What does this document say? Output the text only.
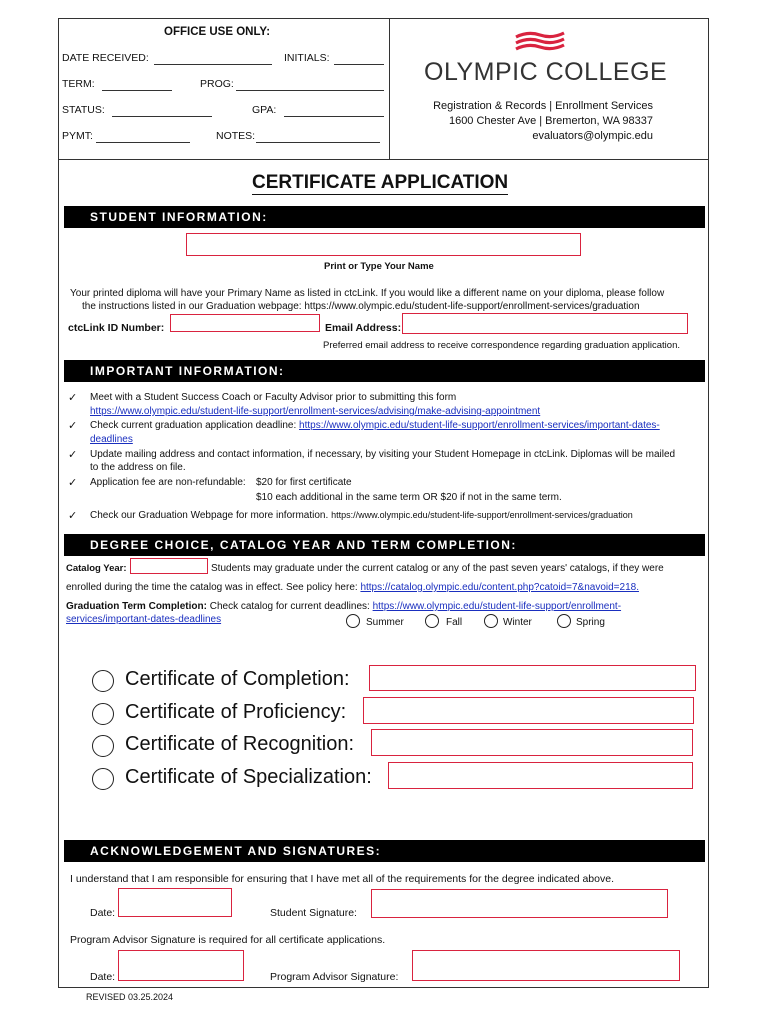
OFFICE USE ONLY:
DATE RECEIVED:	INITIALS:
TERM:	PROG:
STATUS:	GPA:
PYMT:	NOTES:
OLYMPIC COLLEGE
Registration & Records | Enrollment Services
1600 Chester Ave | Bremerton, WA 98337
evaluators@olympic.edu
CERTIFICATE APPLICATION
STUDENT INFORMATION:
Print or Type Your Name
Your printed diploma will have your Primary Name as listed in ctcLink. If you would like a different name on your diploma, please follow
the instructions listed in our Graduation webpage: https://www.olympic.edu/student-life-support/enrollment-services/graduation
ctcLink ID Number:	Email Address:
Preferred email address to receive correspondence regarding graduation application.
IMPORTANT INFORMATION:
✓ Meet with a Student Success Coach or Faculty Advisor prior to submitting this form
https://www.olympic.edu/student-life-support/enrollment-services/advising/make-advising-appointment
✓ Check current graduation application deadline: https://www.olympic.edu/student-life-support/enrollment-services/important-dates-
deadlines
✓ Update mailing address and contact information, if necessary, by visiting your Student Homepage in ctcLink. Diplomas will be mailed
to the address on file.
✓ Application fee are non-refundable: $20 for first certificate
$10 each additional in the same term OR $20 if not in the same term.
✓ Check our Graduation Webpage for more information. https://www.olympic.edu/student-life-support/enrollment-services/graduation
DEGREE CHOICE, CATALOG YEAR AND TERM COMPLETION:
Catalog Year:	Students may graduate under the current catalog or any of the past seven years' catalogs, if they were
enrolled during the time the catalog was in effect. See policy here: https://catalog.olympic.edu/content.php?catoid=7&navoid=218.
Graduation Term Completion: Check catalog for current deadlines: https://www.olympic.edu/student-life-support/enrollment-
services/important-dates-deadlines	Summer	Fall	Winter	Spring
Certificate of Completion:
Certificate of Proficiency:
Certificate of Recognition:
Certificate of Specialization:
ACKNOWLEDGEMENT AND SIGNATURES:
I understand that I am responsible for ensuring that I have met all of the requirements for the degree indicated above.
Date:	Student Signature:
Program Advisor Signature is required for all certificate applications.
Date:	Program Advisor Signature:
REVISED 03.25.2024
